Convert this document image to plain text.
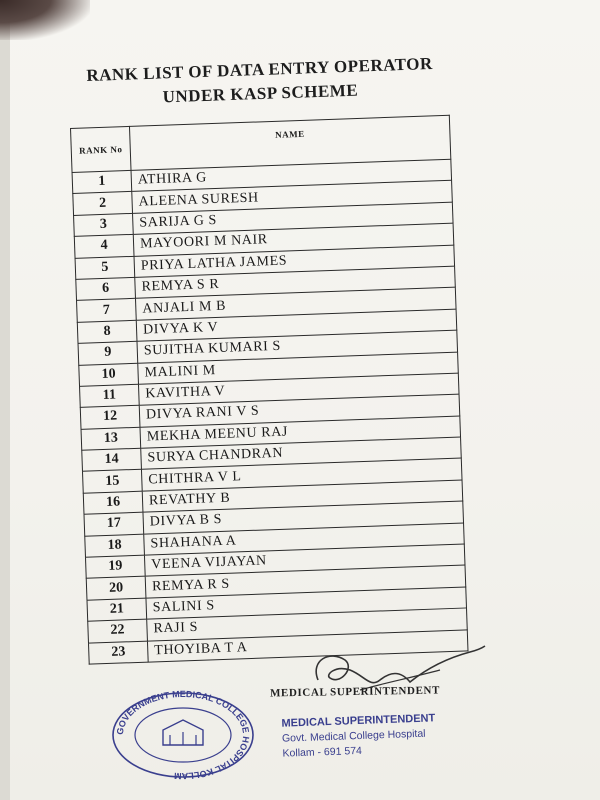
RANK LIST OF DATA ENTRY OPERATOR
UNDER KASP SCHEME
RANK No	NAME
1	ATHIRA G
2	ALEENA SURESH
3	SARIJA G S
4	MAYOORI M NAIR
5	PRIYA LATHA JAMES
6	REMYA S R
7	ANJALI M B
8	DIVYA K V
9	SUJITHA KUMARI S
10	MALINI M
11	KAVITHA V
12	DIVYA RANI V S
13	MEKHA MEENU RAJ
14	SURYA CHANDRAN
15	CHITHRA V L
16	REVATHY B
17	DIVYA B S
18	SHAHANA A
19	VEENA VIJAYAN
20	REMYA R S
21	SALINI S
22	RAJI S
23	THOYIBA T A
MEDICAL SUPERINTENDENT
MEDICAL SUPERINTENDENT
Govt. Medical College Hospital
Kollam - 691 574
GOVERNMENT MEDICAL COLLEGE HOSPITAL KOLLAM
